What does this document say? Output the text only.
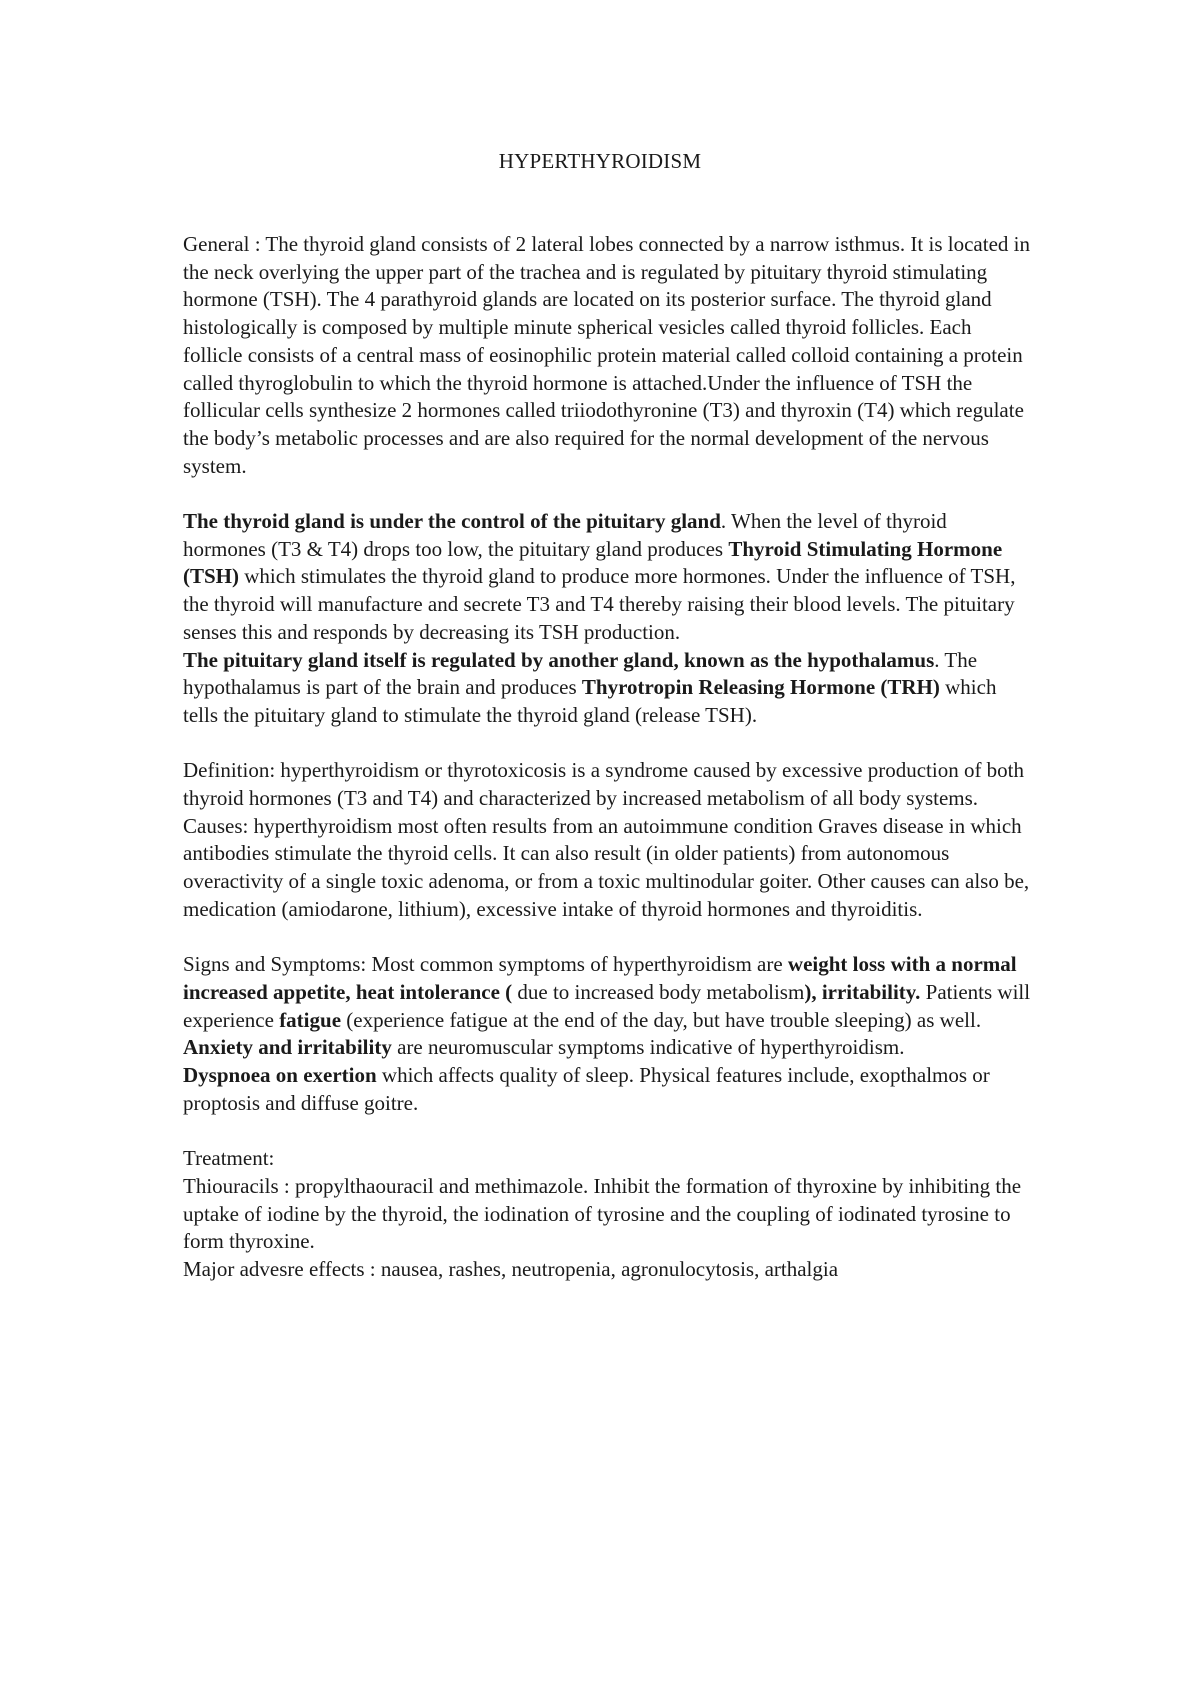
HYPERTHYROIDISM

General : The thyroid gland consists of 2 lateral lobes connected by a narrow isthmus. It is located in the neck overlying the upper part of the trachea and is regulated by pituitary thyroid stimulating hormone (TSH). The 4 parathyroid glands are located on its posterior surface. The thyroid gland histologically is composed by multiple minute spherical vesicles called thyroid follicles. Each follicle consists of a central mass of eosinophilic protein material called colloid containing a protein called thyroglobulin to which the thyroid hormone is attached.Under the influence of TSH the follicular cells synthesize 2 hormones called triiodothyronine (T3) and thyroxin (T4) which regulate the body’s metabolic processes and are also required for the normal development of the nervous system.

The thyroid gland is under the control of the pituitary gland. When the level of thyroid hormones (T3 & T4) drops too low, the pituitary gland produces Thyroid Stimulating Hormone (TSH) which stimulates the thyroid gland to produce more hormones. Under the influence of TSH, the thyroid will manufacture and secrete T3 and T4 thereby raising their blood levels. The pituitary senses this and responds by decreasing its TSH production.

The pituitary gland itself is regulated by another gland, known as the hypothalamus. The hypothalamus is part of the brain and produces Thyrotropin Releasing Hormone (TRH) which tells the pituitary gland to stimulate the thyroid gland (release TSH).

Definition: hyperthyroidism or thyrotoxicosis is a syndrome caused by excessive production of both thyroid hormones (T3 and T4) and characterized by increased metabolism of all body systems.

Causes: hyperthyroidism most often results from an autoimmune condition Graves disease in which antibodies stimulate the thyroid cells. It can also result (in older patients) from autonomous overactivity of a single toxic adenoma, or from a toxic multinodular goiter. Other causes can also be, medication (amiodarone, lithium), excessive intake of thyroid hormones and thyroiditis.

Signs and Symptoms: Most common symptoms of hyperthyroidism are weight loss with a normal increased appetite, heat intolerance ( due to increased body metabolism), irritability. Patients will experience fatigue (experience fatigue at the end of the day, but have trouble sleeping) as well.

Anxiety and irritability are neuromuscular symptoms indicative of hyperthyroidism.

Dyspnoea on exertion which affects quality of sleep. Physical features include, exopthalmos or proptosis and diffuse goitre.

Treatment:

Thiouracils : propylthaouracil and methimazole. Inhibit the formation of thyroxine by inhibiting the uptake of iodine by the thyroid, the iodination of tyrosine and the coupling of iodinated tyrosine to form thyroxine.

Major advesre effects : nausea, rashes, neutropenia, agronulocytosis, arthalgia
